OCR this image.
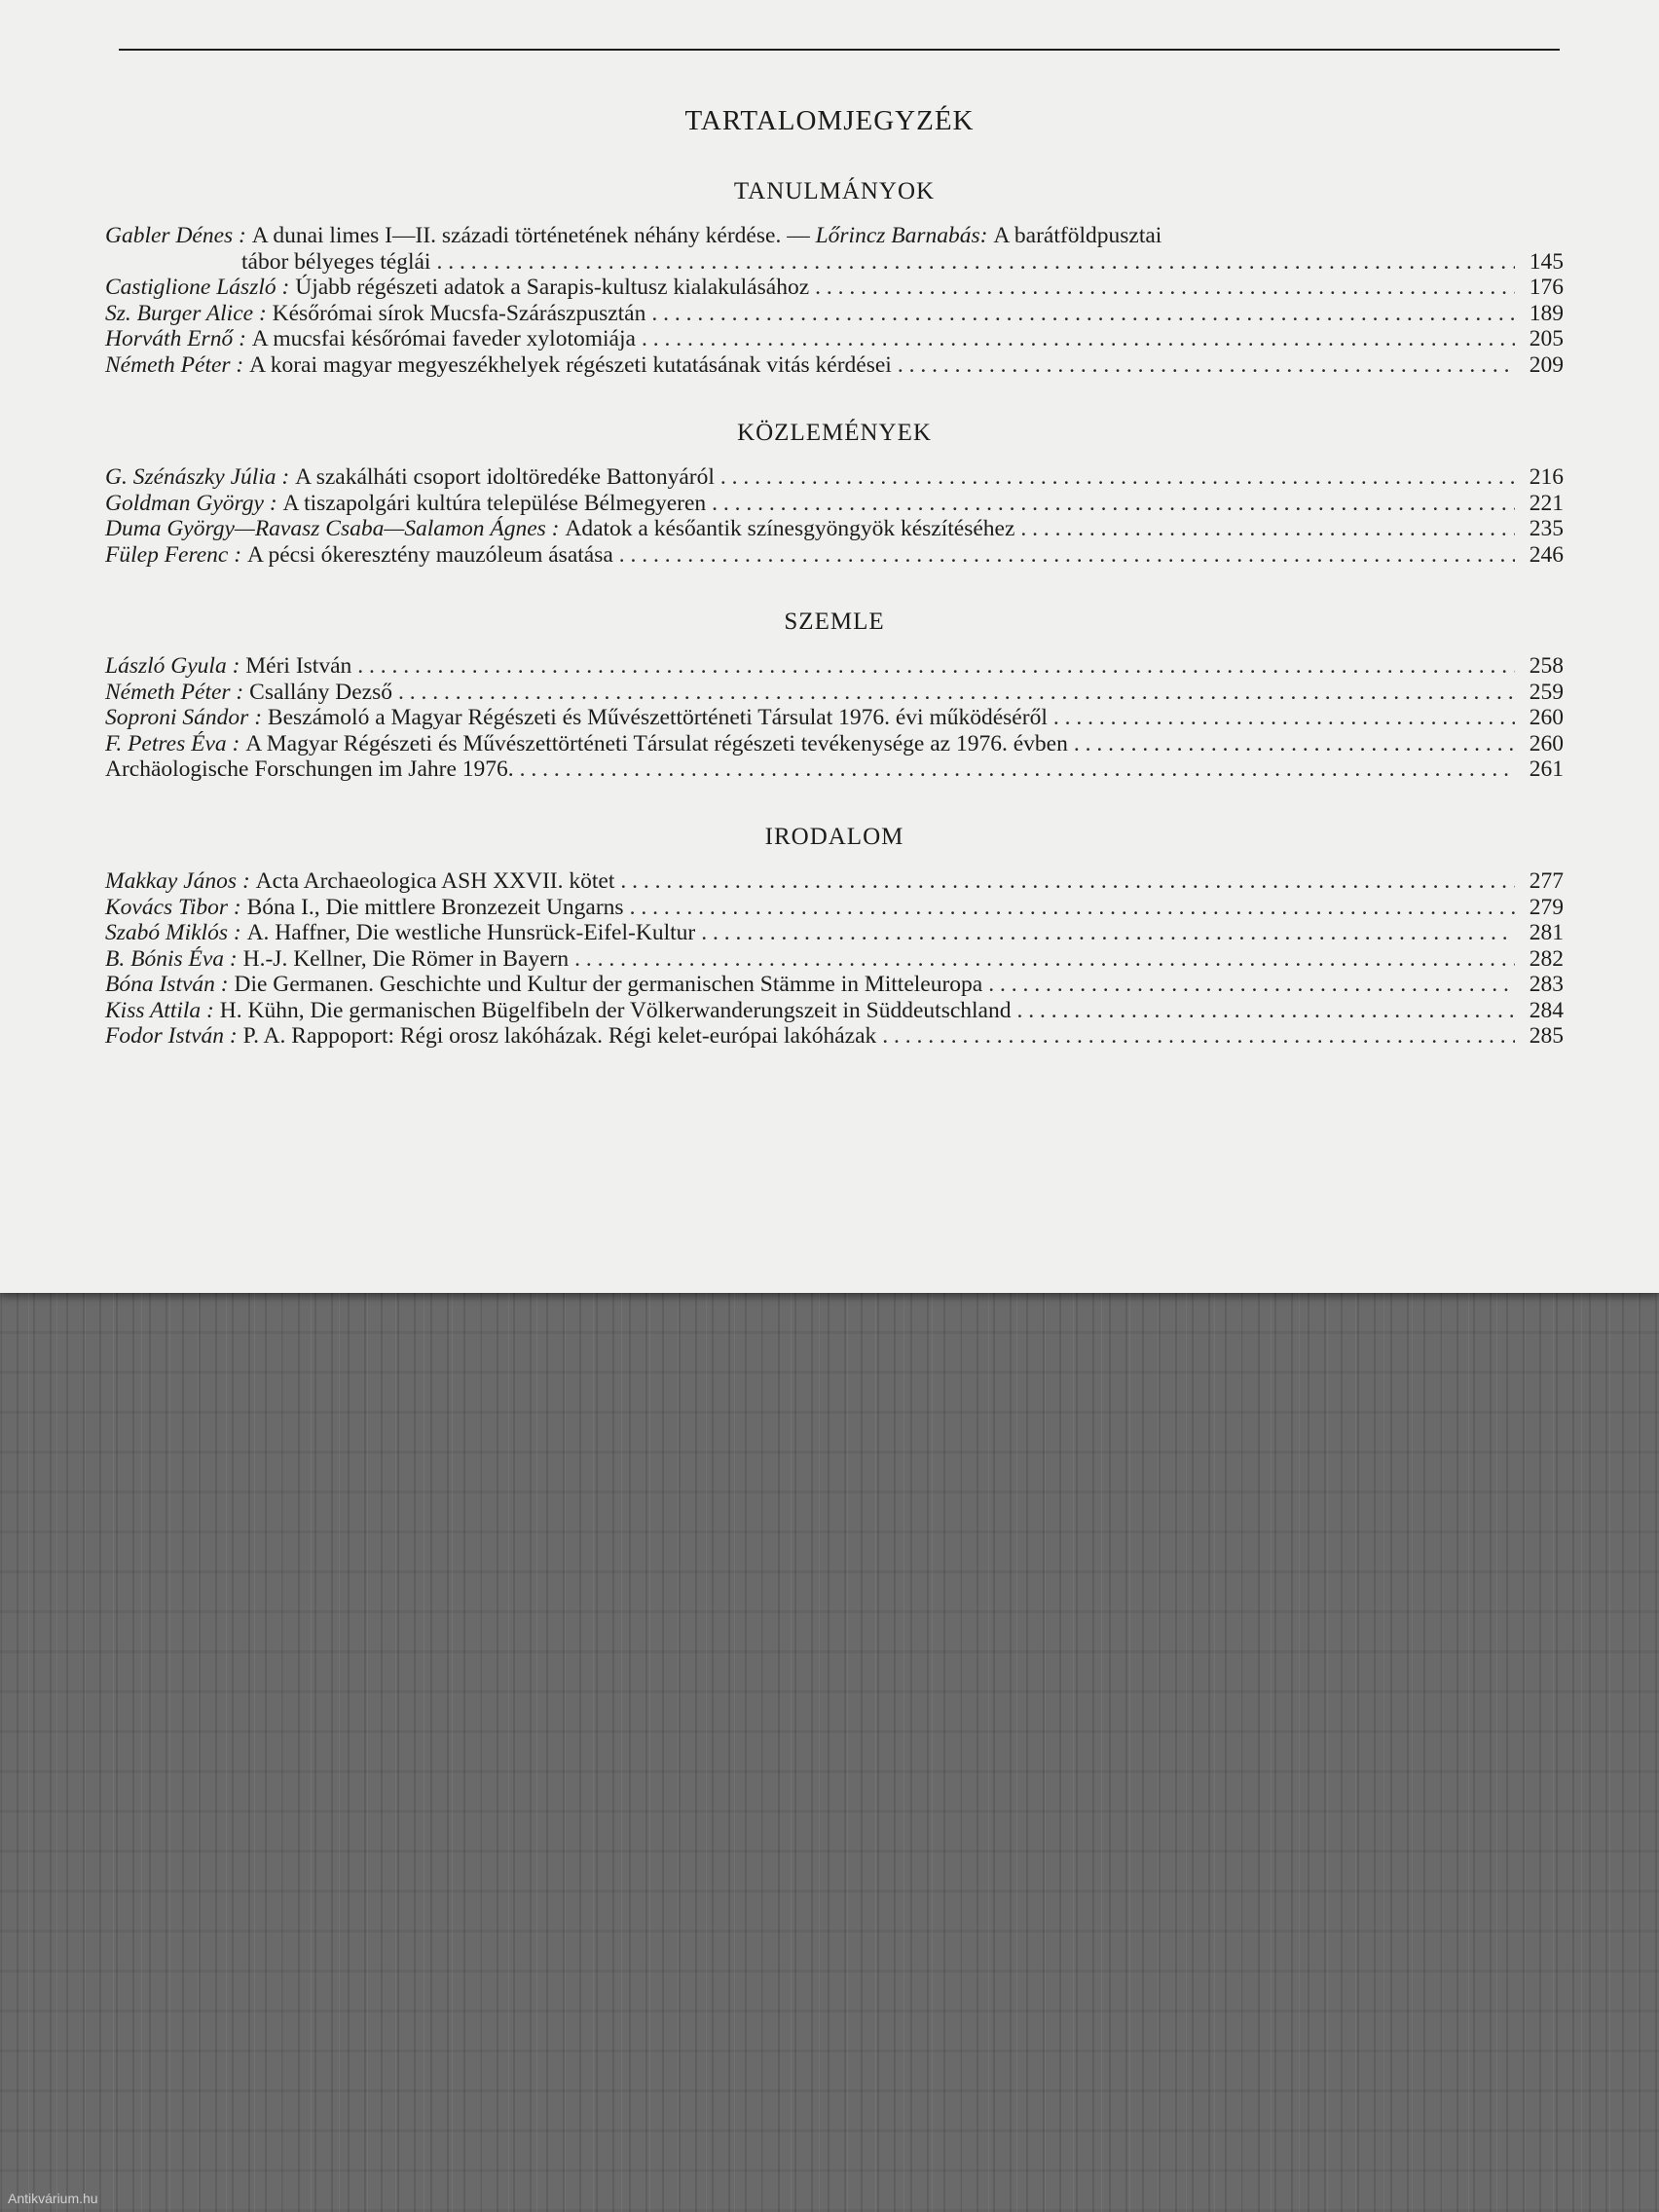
TARTALOMJEGYZÉK
TANULMÁNYOK
Gabler Dénes :
A dunai limes I—II. századi történetének néhány kérdése. —
Lőrincz Barnabás:
A barátföldpusztai
tábor bélyeges téglái . . .	145
Castiglione László :
Újabb régészeti adatok a Sarapis-kultusz kialakulásához . . .	176
Sz. Burger Alice :
Későrómai sírok Mucsfa-Szárászpusztán . . .	189
Horváth Ernő :
A mucsfai későrómai faveder xylotomiája . . .	205
Németh Péter :
A korai magyar megyeszékhelyek régészeti kutatásának vitás kérdései . . .	209
KÖZLEMÉNYEK
G. Szénászky Júlia :
A szakálháti csoport idoltöredéke Battonyáról . . .	216
Goldman György :
A tiszapolgári kultúra települése Bélmegyeren . . .	221
Duma György—Ravasz Csaba—Salamon Ágnes :
Adatok a későantik színesgyöngyök készítéséhez . . .	235
Fülep Ferenc :
A pécsi ókeresztény mauzóleum ásatása . . .	246
SZEMLE
László Gyula :
Méri István . . .	258
Németh Péter :
Csallány Dezső . . .	259
Soproni Sándor :
Beszámoló a Magyar Régészeti és Művészettörténeti Társulat 1976. évi működéséről . . .	260
F. Petres Éva :
A Magyar Régészeti és Művészettörténeti Társulat régészeti tevékenysége az 1976. évben . . .	260
Archäologische Forschungen im Jahre 1976. . . .	261
IRODALOM
Makkay János :
Acta Archaeologica ASH XXVII. kötet . . .	277
Kovács Tibor :
Bóna I., Die mittlere Bronzezeit Ungarns . . .	279
Szabó Miklós :
A. Haffner, Die westliche Hunsrück-Eifel-Kultur . . .	281
B. Bónis Éva :
H.-J. Kellner, Die Römer in Bayern . . .	282
Bóna István :
Die Germanen. Geschichte und Kultur der germanischen Stämme in Mitteleuropa . . .	283
Kiss Attila :
H. Kühn, Die germanischen Bügelfibeln der Völkerwanderungszeit in Süddeutschland . . .	284
Fodor István :
P. A. Rappoport: Régi orosz lakóházak. Régi kelet-európai lakóházak . . .	285
Antikvárium.hu
